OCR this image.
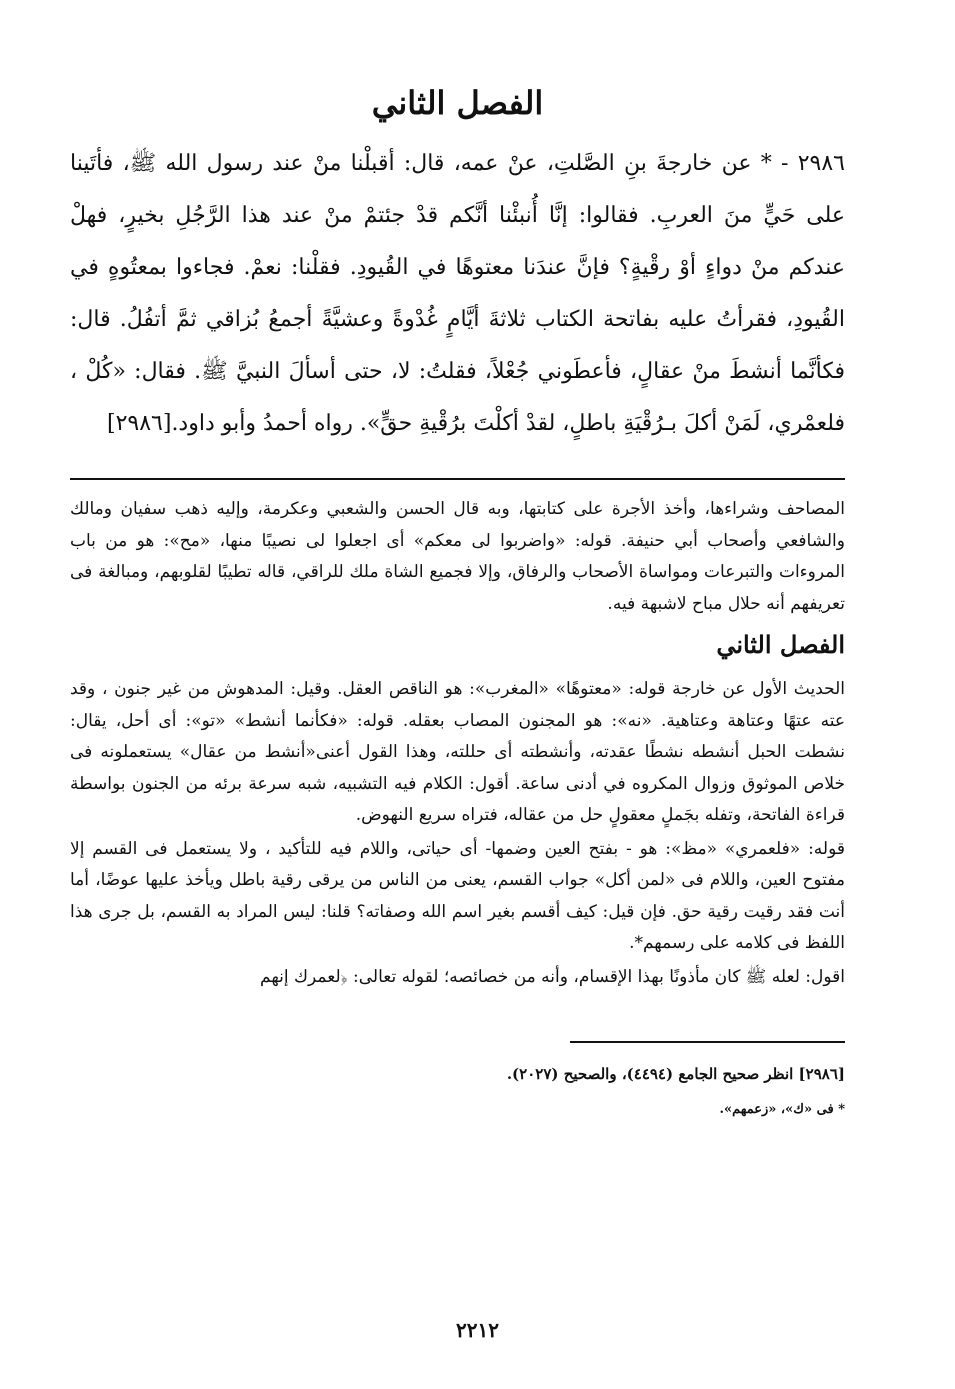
الفصل الثاني

٢٩٨٦ - * عن خارجةَ بنِ الصَّلتِ، عنْ عمه، قال: أقبلْنا منْ عند رسول الله ﷺ، فأتَينا على حَيٍّ منَ العربِ. فقالوا: إنَّا أُنبئْنا أنَّكم قدْ جئتمْ منْ عند هذا الرَّجُلِ بخيرٍ، فهلْ عندكم منْ دواءٍ أوْ رقْيةٍ؟ فإنَّ عندَنا معتوهًا في القُيودِ. فقلْنا: نعمْ. فجاءوا بمعتُوهٍ في القُيودِ، فقرأتُ عليه بفاتحة الكتاب ثلاثةَ أيَّامٍ غُدْوةً وعشيَّةً أجمعُ بُزاقي ثمَّ أتفُلُ. قال: فكأنَّما أنشطَ منْ عقالٍ، فأعطَوني جُعْلاً، فقلتُ: لا، حتى أسألَ النبيَّ ﷺ. فقال: «كُلْ ، فلعمْري، لَمَنْ أكلَ بـرُقْيَةِ باطلٍ، لقدْ أكلْتَ برُقْيةِ حقٍّ». رواه أحمدُ وأبو داود.[٢٩٨٦]

المصاحف وشراءها، وأخذ الأجرة على كتابتها، وبه قال الحسن والشعبي وعكرمة، وإليه ذهب سفيان ومالك والشافعي وأصحاب أبي حنيفة. قوله: «واضربوا لى معكم» أى اجعلوا لى نصيبًا منها، «مح»: هو من باب المروءات والتبرعات ومواساة الأصحاب والرفاق، وإلا فجميع الشاة ملك للراقي، قاله تطيبًا لقلوبهم، ومبالغة فى تعريفهم أنه حلال مباح لاشبهة فيه.

الفصل الثاني

الحديث الأول عن خارجة قوله: «معتوهًا» «المغرب»: هو الناقص العقل. وقيل: المدهوش من غير جنون ، وقد عته عتهًا وعتاهة وعتاهية. «نه»: هو المجنون المصاب بعقله. قوله: «فكأنما أنشط» «تو»: أى أحل، يقال: نشطت الحبل أنشطه نشطًا عقدته، وأنشطته أى حللته، وهذا القول أعنى«أنشط من عقال» يستعملونه فى خلاص الموثوق وزوال المكروه في أدنى ساعة. أقول: الكلام فيه التشبيه، شبه سرعة برئه من الجنون بواسطة قراءة الفاتحة، وتفله بجَملٍ معقولٍ حل من عقاله، فتراه سريع النهوض.

قوله: «فلعمري» «مظ»: هو - بفتح العين وضمها- أى حياتى، واللام فيه للتأكيد ، ولا يستعمل فى القسم إلا مفتوح العين، واللام فى «لمن أكل» جواب القسم، يعنى من الناس من يرقى رقية باطل ويأخذ عليها عوضًا، أما أنت فقد رقيت رقية حق. فإن قيل: كيف أقسم بغير اسم الله وصفاته؟ قلنا: ليس المراد به القسم، بل جرى هذا اللفظ فى كلامه على رسمهم*.

اقول: لعله ﷺ كان مأذونًا بهذا الإقسام، وأنه من خصائصه؛ لقوله تعالى: ﴿لعمرك إنهم

[٢٩٨٦] انظر صحيح الجامع (٤٤٩٤)، والصحيح (٢٠٢٧).

* فى «ك»، «زعمهم».

٢٢١٢
